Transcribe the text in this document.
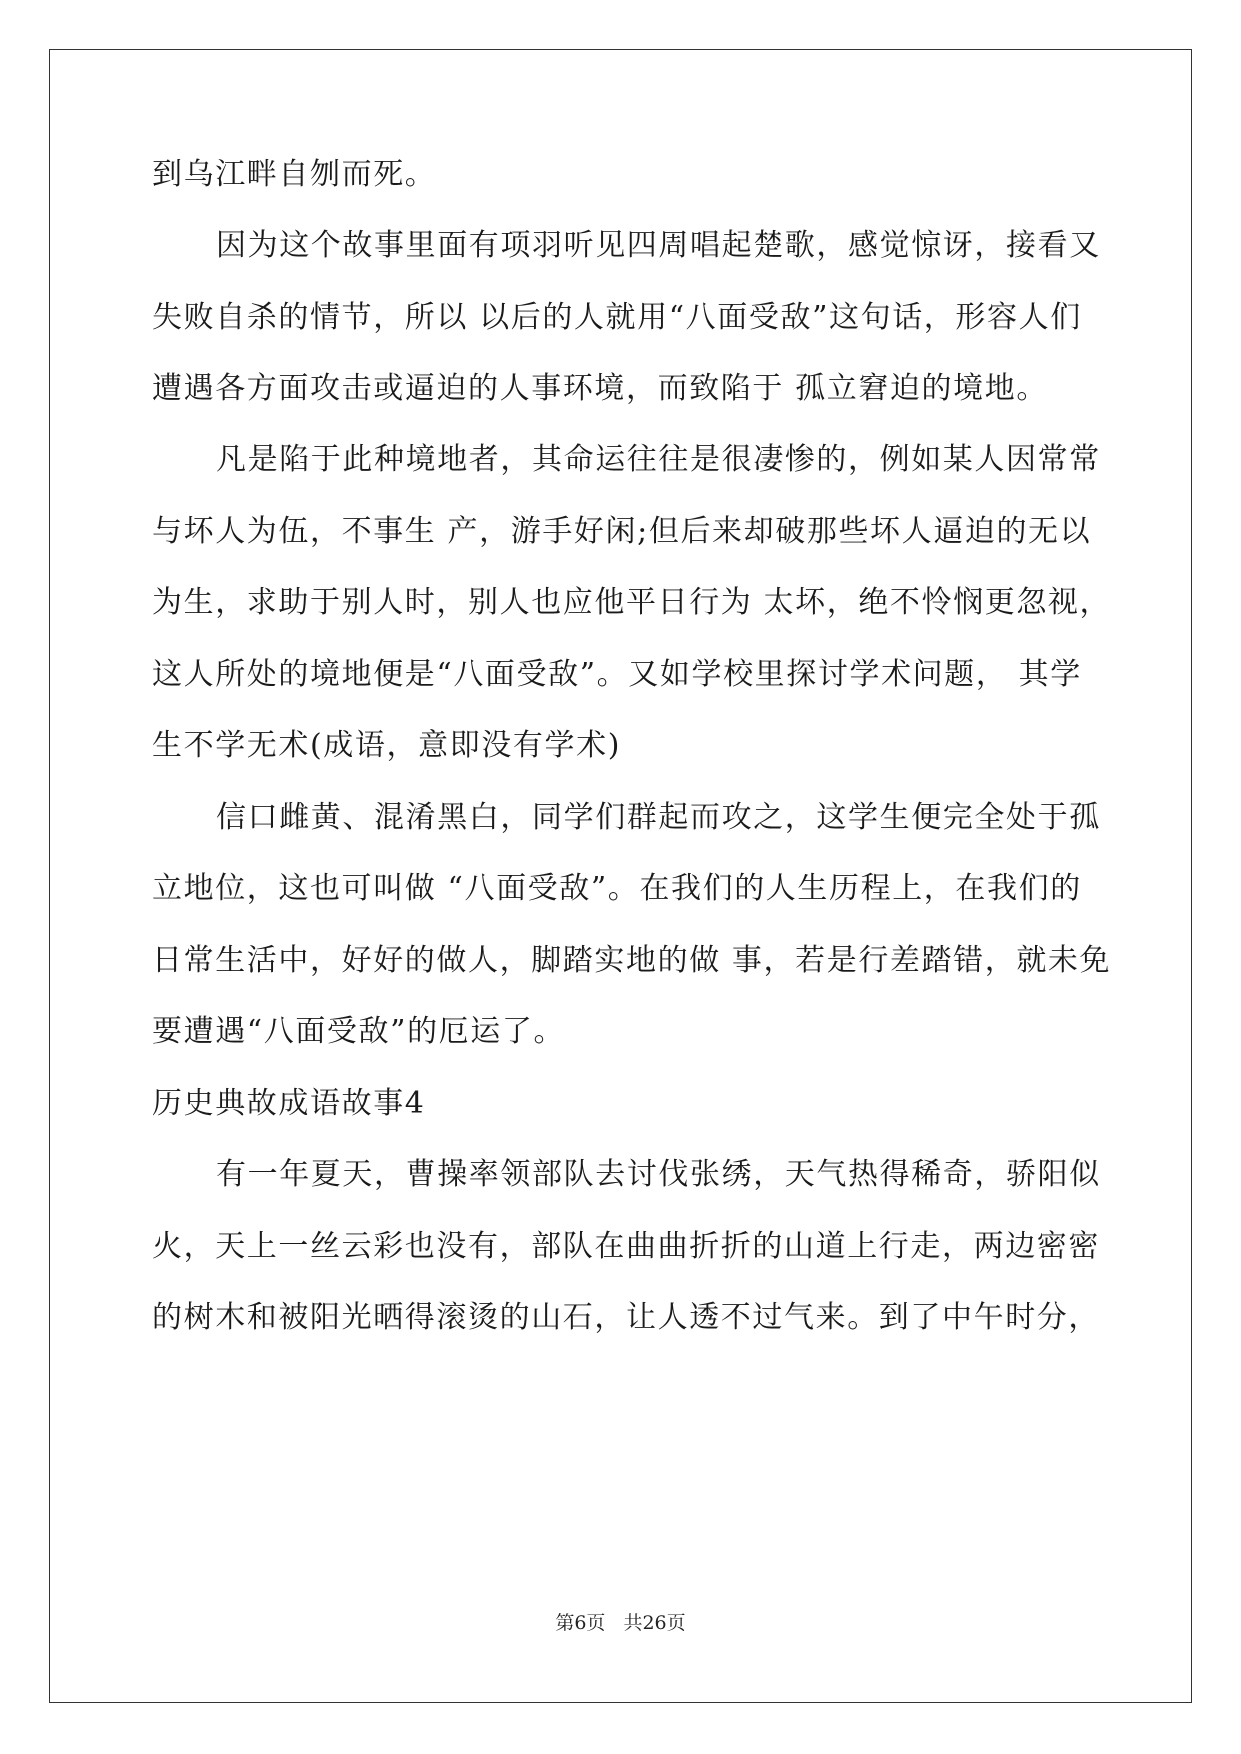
到乌江畔自刎而死。
因为这个故事里面有项羽听见四周唱起楚歌，感觉惊讶，接看又
失败自杀的情节，所以 以后的人就用“八面受敌”这句话，形容人们
遭遇各方面攻击或逼迫的人事环境，而致陷于 孤立窘迫的境地。
凡是陷于此种境地者，其命运往往是很凄惨的，例如某人因常常
与坏人为伍，不事生 产，游手好闲;但后来却破那些坏人逼迫的无以
为生，求助于别人时，别人也应他平日行为 太坏，绝不怜悯更忽视，
这人所处的境地便是“八面受敌”。又如学校里探讨学术问题， 其学
生不学无术(成语，意即没有学术)
信口雌黄、混淆黑白，同学们群起而攻之，这学生便完全处于孤
立地位，这也可叫做 “八面受敌”。在我们的人生历程上，在我们的
日常生活中，好好的做人，脚踏实地的做 事，若是行差踏错，就未免
要遭遇“八面受敌”的厄运了。
历史典故成语故事4
有一年夏天，曹操率领部队去讨伐张绣，天气热得稀奇，骄阳似
火，天上一丝云彩也没有，部队在曲曲折折的山道上行走，两边密密
的树木和被阳光晒得滚烫的山石，让人透不过气来。到了中午时分，
第6页 共26页
